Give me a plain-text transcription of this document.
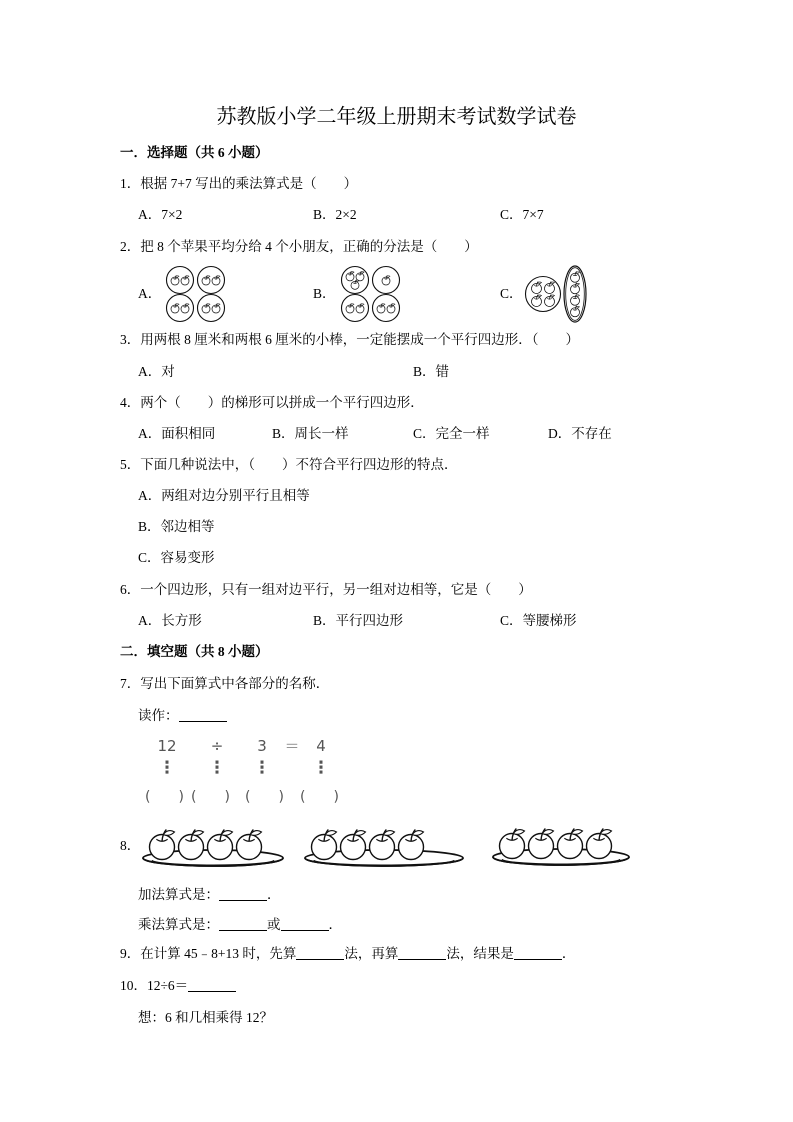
苏教版小学二年级上册期末考试数学试卷
一．选择题（共 6 小题）
1．根据 7+7 写出的乘法算式是（　　）
A．7×2	B．2×2	C．7×7
2．把 8 个苹果平均分给 4 个小朋友，正确的分法是（　　）
A．	B．	C．
3．用两根 8 厘米和两根 6 厘米的小棒，一定能摆成一个平行四边形．（　　）
A．对	B．错
4．两个（　　）的梯形可以拼成一个平行四边形．
A．面积相同	B．周长一样	C．完全一样	D．不存在
5．下面几种说法中，（　　）不符合平行四边形的特点．
A．两组对边分别平行且相等
B．邻边相等
C．容易变形
6．一个四边形，只有一组对边平行，另一组对边相等，它是（　　）
A．长方形	B．平行四边形	C．等腰梯形
二．填空题（共 8 小题）
7．写出下面算式中各部分的名称．
读作：
12	÷	3	＝	4
⋮ ⋮ ⋮ ⋮
(　　) (　　) (　　) (　　)
8．
加法算式是：	．
乘法算式是：	或	．
9．在计算 45﹣8+13 时，先算	法，再算	法，结果是	．
10．12÷6＝
想：6 和几相乘得 12？
